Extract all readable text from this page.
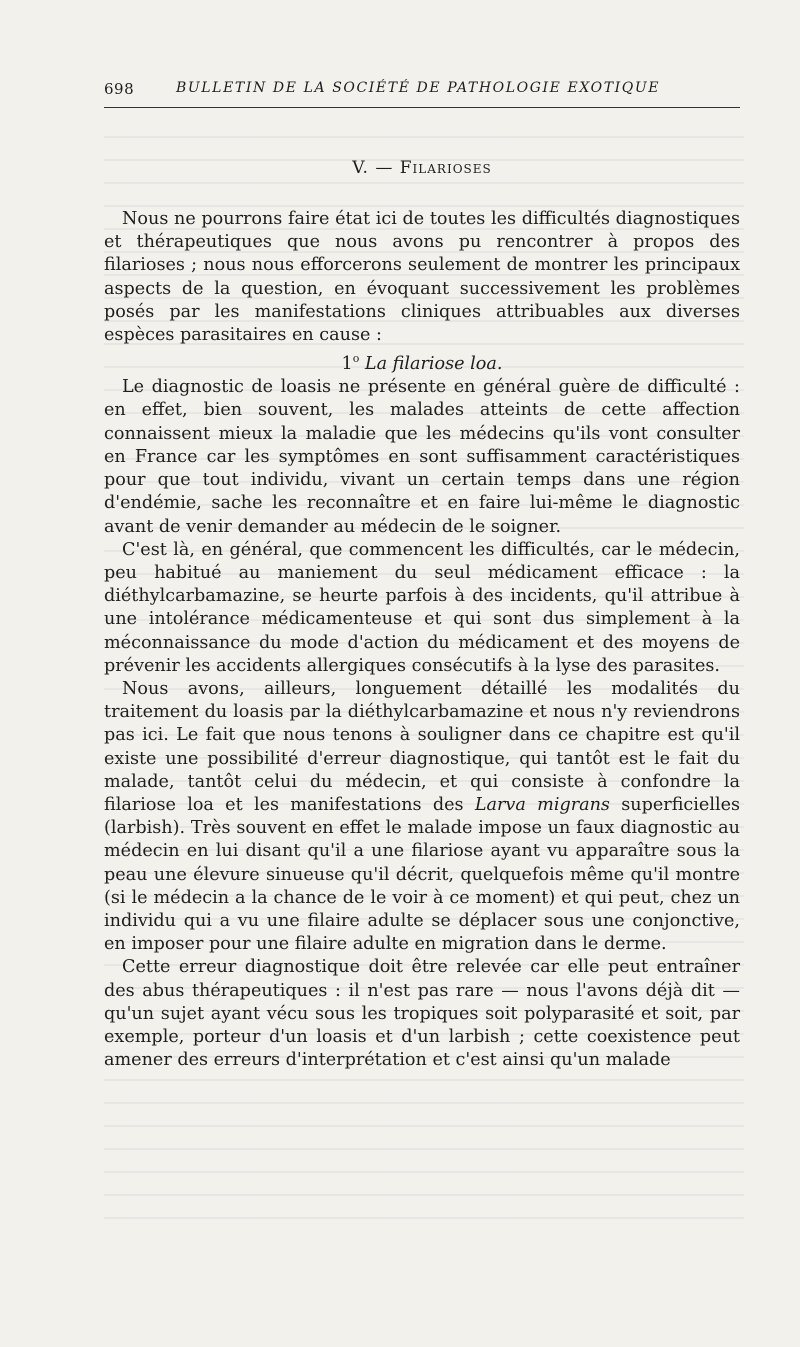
698	BULLETIN DE LA SOCIÉTÉ DE PATHOLOGIE EXOTIQUE
V. — Filarioses

Nous ne pourrons faire état ici de toutes les difficultés diagnostiques et thérapeutiques que nous avons pu rencontrer à propos des filarioses ; nous nous efforcerons seulement de montrer les principaux aspects de la question, en évoquant successivement les problèmes posés par les manifestations cliniques attribuables aux diverses espèces parasitaires en cause :

1$^o$ La filariose loa.

Le diagnostic de loasis ne présente en général guère de difficulté : en effet, bien souvent, les malades atteints de cette affection connaissent mieux la maladie que les médecins qu'ils vont consulter en France car les symptômes en sont suffisamment caractéristiques pour que tout individu, vivant un certain temps dans une région d'endémie, sache les reconnaître et en faire lui-même le diagnostic avant de venir demander au médecin de le soigner.

C'est là, en général, que commencent les difficultés, car le médecin, peu habitué au maniement du seul médicament efficace : la diéthylcarbamazine, se heurte parfois à des incidents, qu'il attribue à une intolérance médicamenteuse et qui sont dus simplement à la méconnaissance du mode d'action du médicament et des moyens de prévenir les accidents allergiques consécutifs à la lyse des parasites.

Nous avons, ailleurs, longuement détaillé les modalités du traitement du loasis par la diéthylcarbamazine et nous n'y reviendrons pas ici. Le fait que nous tenons à souligner dans ce chapitre est qu'il existe une possibilité d'erreur diagnostique, qui tantôt est le fait du malade, tantôt celui du médecin, et qui consiste à confondre la filariose loa et les manifestations des Larva migrans superficielles (larbish). Très souvent en effet le malade impose un faux diagnostic au médecin en lui disant qu'il a une filariose ayant vu apparaître sous la peau une élevure sinueuse qu'il décrit, quelquefois même qu'il montre (si le médecin a la chance de le voir à ce moment) et qui peut, chez un individu qui a vu une filaire adulte se déplacer sous une conjonctive, en imposer pour une filaire adulte en migration dans le derme.

Cette erreur diagnostique doit être relevée car elle peut entraîner des abus thérapeutiques : il n'est pas rare — nous l'avons déjà dit — qu'un sujet ayant vécu sous les tropiques soit polyparasité et soit, par exemple, porteur d'un loasis et d'un larbish ; cette coexistence peut amener des erreurs d'interprétation et c'est ainsi qu'un malade
